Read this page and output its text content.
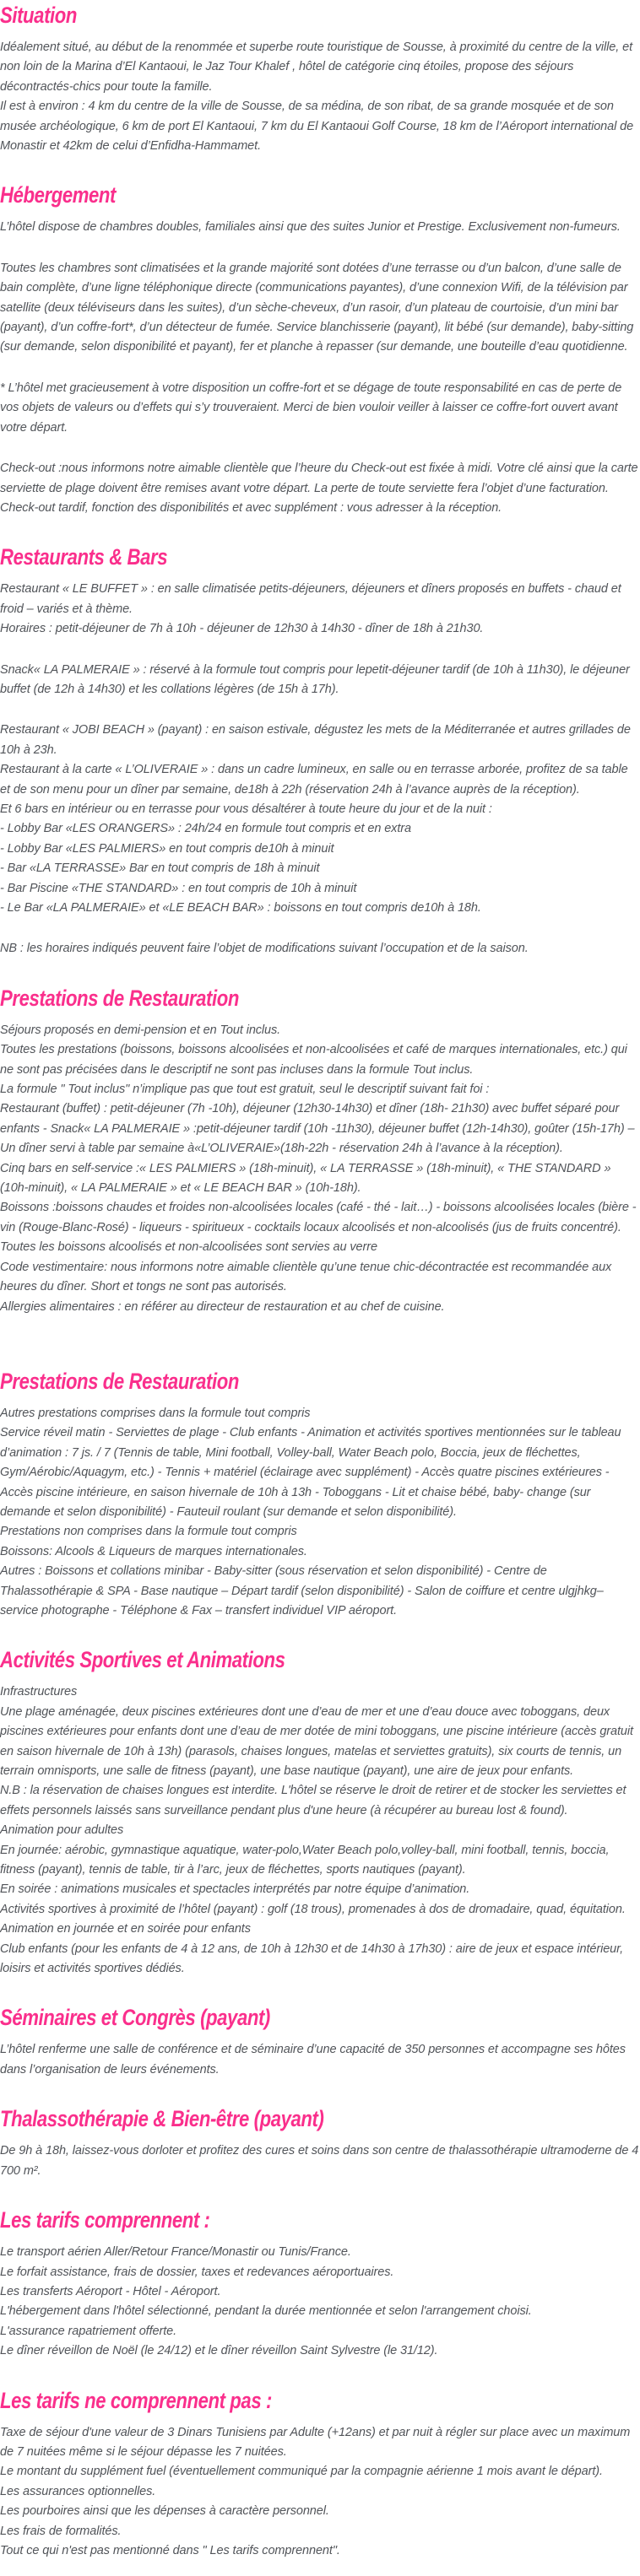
Situation

Idéalement situé, au début de la renommée et superbe route touristique de Sousse, à proximité du centre de la ville, et non loin de la Marina d’El Kantaoui, le Jaz Tour Khalef , hôtel de catégorie cinq étoiles, propose des séjours décontractés-chics pour toute la famille.

Il est à environ : 4 km du centre de la ville de Sousse, de sa médina, de son ribat, de sa grande mosquée et de son musée archéologique, 6 km de port El Kantaoui, 7 km du El Kantaoui Golf Course, 18 km de l’Aéroport international de Monastir et 42km de celui d’Enfidha-Hammamet.

Hébergement

L’hôtel dispose de chambres doubles, familiales ainsi que des suites Junior et Prestige. Exclusivement non-fumeurs.

Toutes les chambres sont climatisées et la grande majorité sont dotées d’une terrasse ou d’un balcon, d’une salle de bain complète, d’une ligne téléphonique directe (communications payantes), d’une connexion Wifi, de la télévision par satellite (deux téléviseurs dans les suites), d’un sèche-cheveux, d’un rasoir, d’un plateau de courtoisie, d’un mini bar (payant), d’un coffre-fort*, d’un détecteur de fumée. Service blanchisserie (payant), lit bébé (sur demande), baby-sitting (sur demande, selon disponibilité et payant), fer et planche à repasser (sur demande, une bouteille d’eau quotidienne.

* L’hôtel met gracieusement à votre disposition un coffre-fort et se dégage de toute responsabilité en cas de perte de vos objets de valeurs ou d’effets qui s’y trouveraient. Merci de bien vouloir veiller à laisser ce coffre-fort ouvert avant votre départ.

Check-out :nous informons notre aimable clientèle que l’heure du Check-out est fixée à midi. Votre clé ainsi que la carte serviette de plage doivent être remises avant votre départ. La perte de toute serviette fera l’objet d’une facturation.

Check-out tardif, fonction des disponibilités et avec supplément : vous adresser à la réception.

Restaurants & Bars

Restaurant « LE BUFFET » : en salle climatisée petits-déjeuners, déjeuners et dîners proposés en buffets - chaud et froid – variés et à thème.

Horaires : petit-déjeuner de 7h à 10h - déjeuner de 12h30 à 14h30 - dîner de 18h à 21h30.

Snack« LA PALMERAIE » : réservé à la formule tout compris pour lepetit-déjeuner tardif (de 10h à 11h30), le déjeuner buffet (de 12h à 14h30) et les collations légères (de 15h à 17h).

Restaurant « JOBI BEACH » (payant) : en saison estivale, dégustez les mets de la Méditerranée et autres grillades de 10h à 23h.

Restaurant à la carte « L’OLIVERAIE » : dans un cadre lumineux, en salle ou en terrasse arborée, profitez de sa table et de son menu pour un dîner par semaine, de18h à 22h (réservation 24h à l’avance auprès de la réception).

Et 6 bars en intérieur ou en terrasse pour vous désaltérer à toute heure du jour et de la nuit :

- Lobby Bar «LES ORANGERS» : 24h/24 en formule tout compris et en extra

- Lobby Bar «LES PALMIERS» en tout compris de10h à minuit

- Bar «LA TERRASSE» Bar en tout compris de 18h à minuit

- Bar Piscine «THE STANDARD» : en tout compris de 10h à minuit

- Le Bar «LA PALMERAIE» et «LE BEACH BAR» : boissons en tout compris de10h à 18h.

NB : les horaires indiqués peuvent faire l’objet de modifications suivant l’occupation et de la saison.

Prestations de Restauration

Séjours proposés en demi-pension et en Tout inclus.

Toutes les prestations (boissons, boissons alcoolisées et non-alcoolisées et café de marques internationales, etc.) qui ne sont pas précisées dans le descriptif ne sont pas incluses dans la formule Tout inclus.

La formule " Tout inclus" n’implique pas que tout est gratuit, seul le descriptif suivant fait foi :

Restaurant (buffet) : petit-déjeuner (7h -10h), déjeuner (12h30-14h30) et dîner (18h- 21h30) avec buffet séparé pour enfants - Snack« LA PALMERAIE » :petit-déjeuner tardif (10h -11h30), déjeuner buffet (12h-14h30), goûter (15h-17h) – Un dîner servi à table par semaine à«L’OLIVERAIE»(18h-22h - réservation 24h à l’avance à la réception).

Cinq bars en self-service :« LES PALMIERS » (18h-minuit), « LA TERRASSE » (18h-minuit), « THE STANDARD » (10h-minuit), « LA PALMERAIE » et « LE BEACH BAR » (10h-18h).

Boissons :boissons chaudes et froides non-alcoolisées locales (café - thé - lait…) - boissons alcoolisées locales (bière - vin (Rouge-Blanc-Rosé) - liqueurs - spiritueux - cocktails locaux alcoolisés et non-alcoolisés (jus de fruits concentré).

Toutes les boissons alcoolisés et non-alcoolisées sont servies au verre

Code vestimentaire: nous informons notre aimable clientèle qu’une tenue chic-décontractée est recommandée aux heures du dîner. Short et tongs ne sont pas autorisés.

Allergies alimentaires : en référer au directeur de restauration et au chef de cuisine.

Prestations de Restauration

Autres prestations comprises dans la formule tout compris

Service réveil matin - Serviettes de plage - Club enfants - Animation et activités sportives mentionnées sur le tableau d’animation : 7 js. / 7 (Tennis de table, Mini football, Volley-ball, Water Beach polo, Boccia, jeux de fléchettes, Gym/Aérobic/Aquagym, etc.) - Tennis + matériel (éclairage avec supplément) - Accès quatre piscines extérieures - Accès piscine intérieure, en saison hivernale de 10h à 13h - Toboggans - Lit et chaise bébé, baby- change (sur demande et selon disponibilité) - Fauteuil roulant (sur demande et selon disponibilité).

Prestations non comprises dans la formule tout compris

Boissons: Alcools & Liqueurs de marques internationales.

Autres : Boissons et collations minibar - Baby-sitter (sous réservation et selon disponibilité) - Centre de Thalassothérapie & SPA - Base nautique – Départ tardif (selon disponibilité) - Salon de coiffure et centre ulgjhkg– service photographe - Téléphone & Fax – transfert individuel VIP aéroport.

Activités Sportives et Animations

Infrastructures

Une plage aménagée, deux piscines extérieures dont une d’eau de mer et une d’eau douce avec toboggans, deux piscines extérieures pour enfants dont une d’eau de mer dotée de mini toboggans, une piscine intérieure (accès gratuit en saison hivernale de 10h à 13h) (parasols, chaises longues, matelas et serviettes gratuits), six courts de tennis, un terrain omnisports, une salle de fitness (payant), une base nautique (payant), une aire de jeux pour enfants.

N.B : la réservation de chaises longues est interdite. L'hôtel se réserve le droit de retirer et de stocker les serviettes et effets personnels laissés sans surveillance pendant plus d'une heure (à récupérer au bureau lost & found).

Animation pour adultes

En journée: aérobic, gymnastique aquatique, water-polo,Water Beach polo,volley-ball, mini football, tennis, boccia, fitness (payant), tennis de table, tir à l’arc, jeux de fléchettes, sports nautiques (payant).

En soirée : animations musicales et spectacles interprétés par notre équipe d’animation.

Activités sportives à proximité de l’hôtel (payant) : golf (18 trous), promenades à dos de dromadaire, quad, équitation.

Animation en journée et en soirée pour enfants

Club enfants (pour les enfants de 4 à 12 ans, de 10h à 12h30 et de 14h30 à 17h30) : aire de jeux et espace intérieur, loisirs et activités sportives dédiés.

Séminaires et Congrès (payant)

L’hôtel renferme une salle de conférence et de séminaire d’une capacité de 350 personnes et accompagne ses hôtes dans l’organisation de leurs événements.

Thalassothérapie & Bien-être (payant)

De 9h à 18h, laissez-vous dorloter et profitez des cures et soins dans son centre de thalassothérapie ultramoderne de 4 700 m².

Les tarifs comprennent :

Le transport aérien Aller/Retour France/Monastir ou Tunis/France.

Le forfait assistance, frais de dossier, taxes et redevances aéroportuaires.

Les transferts Aéroport - Hôtel - Aéroport.

L'hébergement dans l'hôtel sélectionné, pendant la durée mentionnée et selon l'arrangement choisi.

L'assurance rapatriement offerte.

Le dîner réveillon de Noël (le 24/12) et le dîner réveillon Saint Sylvestre (le 31/12).

Les tarifs ne comprennent pas :

Taxe de séjour d'une valeur de 3 Dinars Tunisiens par Adulte (+12ans) et par nuit à régler sur place avec un maximum de 7 nuitées même si le séjour dépasse les 7 nuitées.

Le montant du supplément fuel (éventuellement communiqué par la compagnie aérienne 1 mois avant le départ).

Les assurances optionnelles.

Les pourboires ainsi que les dépenses à caractère personnel.

Les frais de formalités.

Tout ce qui n'est pas mentionné dans " Les tarifs comprennent".
